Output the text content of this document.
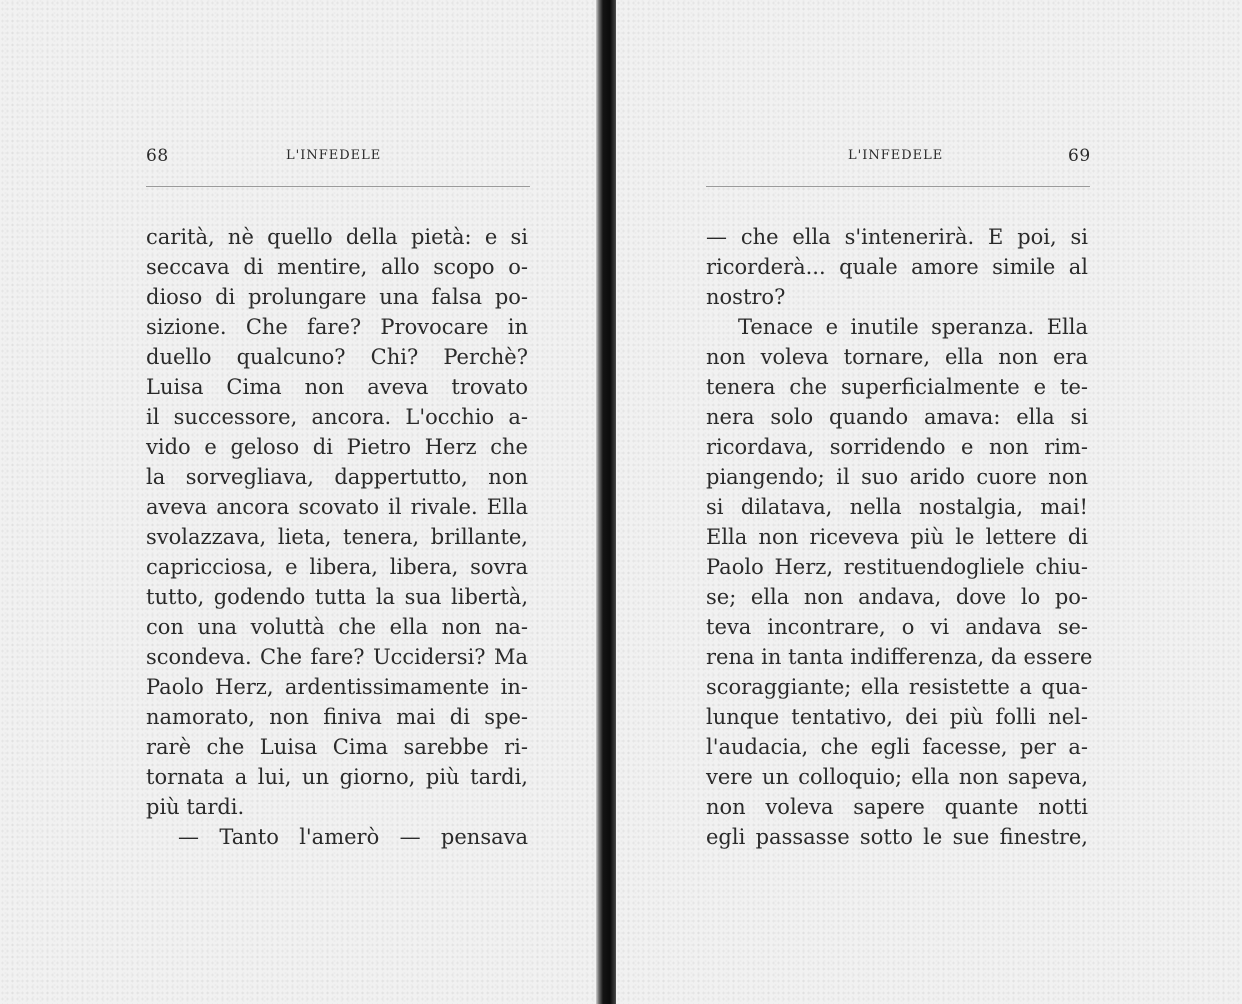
68	L'INFEDELE
carità, nè quello della pietà: e si
seccava di mentire, allo scopo o-
dioso di prolungare una falsa po-
sizione. Che fare? Provocare in
duello qualcuno? Chi? Perchè?
Luisa Cima non aveva trovato
il successore, ancora. L'occhio a-
vido e geloso di Pietro Herz che
la sorvegliava, dappertutto, non
aveva ancora scovato il rivale. Ella
svolazzava, lieta, tenera, brillante,
capricciosa, e libera, libera, sovra
tutto, godendo tutta la sua libertà,
con una voluttà che ella non na-
scondeva. Che fare? Uccidersi? Ma
Paolo Herz, ardentissimamente in-
namorato, non finiva mai di spe-
rarè che Luisa Cima sarebbe ri-
tornata a lui, un giorno, più tardi,
più tardi.
— Tanto l'amerò — pensava
L'INFEDELE	69
— che ella s'intenerirà. E poi, si
ricorderà... quale amore simile al
nostro?
Tenace e inutile speranza. Ella
non voleva tornare, ella non era
tenera che superficialmente e te-
nera solo quando amava: ella si
ricordava, sorridendo e non rim-
piangendo; il suo arido cuore non
si dilatava, nella nostalgia, mai!
Ella non riceveva più le lettere di
Paolo Herz, restituendogliele chiu-
se; ella non andava, dove lo po-
teva incontrare, o vi andava se-
rena in tanta indifferenza, da essere
scoraggiante; ella resistette a qua-
lunque tentativo, dei più folli nel-
l'audacia, che egli facesse, per a-
vere un colloquio; ella non sapeva,
non voleva sapere quante notti
egli passasse sotto le sue finestre,
